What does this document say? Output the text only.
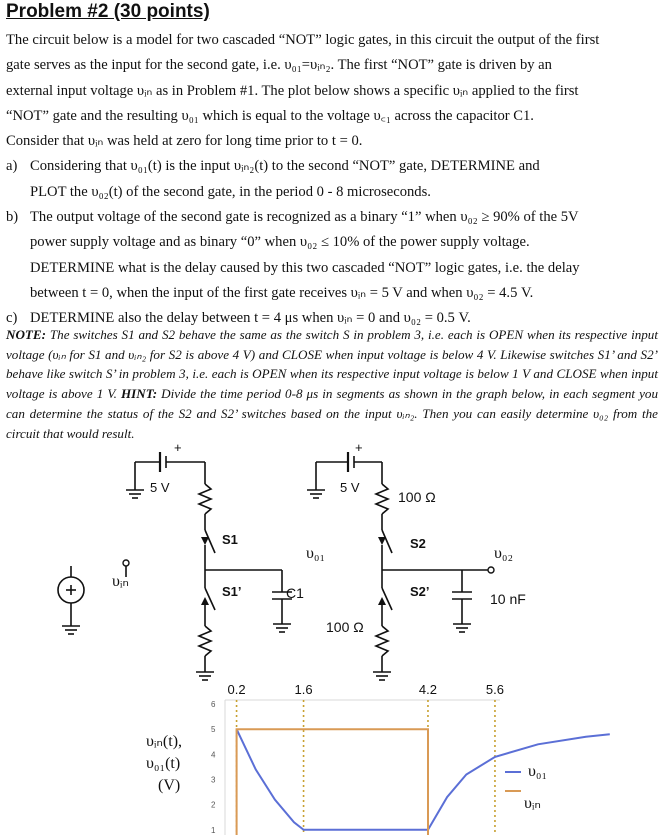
Problem #2 (30 points)

The circuit below is a model for two cascaded “NOT” logic gates, in this circuit the output of the first

gate serves as the input for the second gate, i.e. υ₀₁=υᵢₙ₂. The first “NOT” gate is driven by an

external input voltage υᵢₙ as in Problem #1. The plot below shows a specific υᵢₙ applied to the first

“NOT” gate and the resulting υ₀₁ which is equal to the voltage υ꜀₁ across the capacitor C1.

Consider that υᵢₙ was held at zero for long time prior to t = 0.

a) Considering that υ₀₁(t) is the input υᵢₙ₂(t) to the second “NOT” gate, DETERMINE and
PLOT the υ₀₂(t) of the second gate, in the period 0 - 8 microseconds.
b) The output voltage of the second gate is recognized as a binary “1” when υ₀₂ ≥ 90% of the 5V
power supply voltage and as binary “0” when υ₀₂ ≤ 10% of the power supply voltage.
DETERMINE what is the delay caused by this two cascaded “NOT” logic gates, i.e. the delay
between t = 0, when the input of the first gate receives υᵢₙ = 5 V and when υ₀₂ = 4.5 V.
c) DETERMINE also the delay between t = 4 μs when υᵢₙ = 0 and υ₀₂ = 0.5 V.
NOTE: The switches S1 and S2 behave the same as the switch S in problem 3, i.e. each is OPEN when its respective input voltage (υᵢₙ for S1 and υᵢₙ₂ for S2 is above 4 V) and CLOSE when input voltage is below 4 V. Likewise switches S1’ and S2’ behave like switch S’ in problem 3, i.e. each is OPEN when its respective input voltage is below 1 V and CLOSE when input voltage is above 1 V. HINT: Divide the time period 0-8 μs in segments as shown in the graph below, in each segment you can determine the status of the S2 and S2’ switches based on the input υᵢₙ₂. Then you can easily determine υ₀₂ from the circuit that would result.
+	+
5 V	5 V
100 Ω
100 Ω
C1	10 nF
S1
S1’
S2
S2’
υᵢₙ
υ₀₁	υ₀₂
1
2
3
4
5
6
0.2	1.6	4.2	5.6
υᵢₙ(t),
υ₀₁(t)
(V)
υ₀₁
υᵢₙ
